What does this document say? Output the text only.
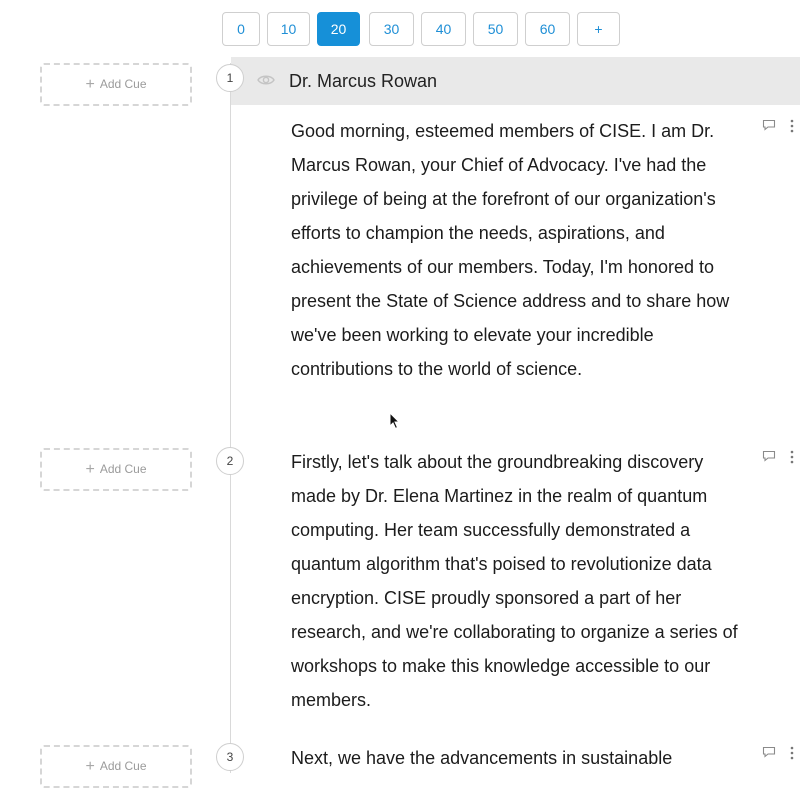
0	10	20	30	40	50	60	+
+ Add Cue	Dr. Marcus Rowan
1

Good morning, esteemed members of CISE. I am Dr. Marcus Rowan, your Chief of Advocacy. I've had the privilege of being at the forefront of our organization's efforts to champion the needs, aspirations, and achievements of our members. Today, I'm honored to present the State of Science address and to share how we've been working to elevate your incredible contributions to the world of science.

+ Add Cue
2	Firstly, let's talk about the groundbreaking discovery made by Dr. Elena Martinez in the realm of quantum computing. Her team successfully demonstrated a quantum algorithm that's poised to revolutionize data encryption. CISE proudly sponsored a part of her research, and we're collaborating to organize a series of workshops to make this knowledge accessible to our members.

+ Add Cue
3	Next, we have the advancements in sustainable
